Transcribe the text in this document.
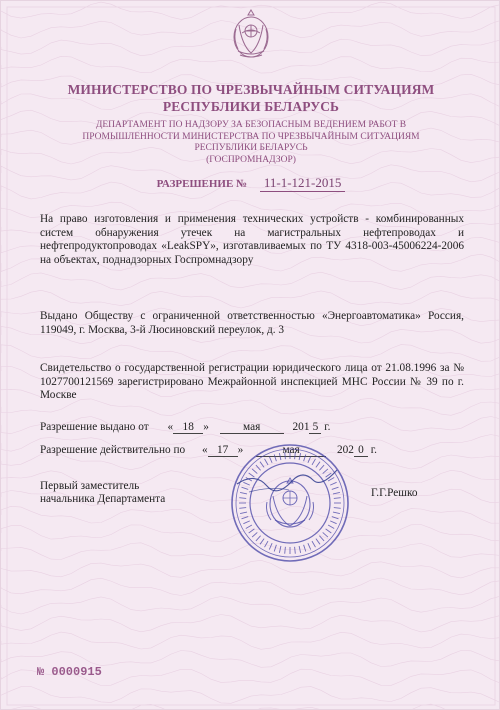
МИНИСТЕРСТВО ПО ЧРЕЗВЫЧАЙНЫМ СИТУАЦИЯМ
РЕСПУБЛИКИ БЕЛАРУСЬ
ДЕПАРТАМЕНТ ПО НАДЗОРУ ЗА БЕЗОПАСНЫМ ВЕДЕНИЕМ РАБОТ В
ПРОМЫШЛЕННОСТИ МИНИСТЕРСТВА ПО ЧРЕЗВЫЧАЙНЫМ СИТУАЦИЯМ
РЕСПУБЛИКИ БЕЛАРУСЬ
(ГОСПРОМНАДЗОР)
РАЗРЕШЕНИЕ № 11-1-121-2015
На право изготовления и применения технических устройств - комбинированных систем обнаружения утечек на магистральных нефтепроводах и нефтепродуктопроводах «LeakSPY», изготавливаемых по ТУ 4318-003-45006224-2006 на объектах, поднадзорных Госпромнадзору
Выдано Обществу с ограниченной ответственностью «Энергоавтоматика» Россия, 119049, г. Москва, 3-й Люсиновский переулок, д. 3
Свидетельство о государственной регистрации юридического лица от 21.08.1996 за № 1027700121569 зарегистрировано Межрайонной инспекцией МНС России № 39 по г. Москве
Разрешение выдано от « 18 »	мая	201 5 г.
Разрешение действительно по « 17 »	мая	202 0 г.
Первый заместитель
начальника Департамента	Г.Г.Решко
№ 0000915
